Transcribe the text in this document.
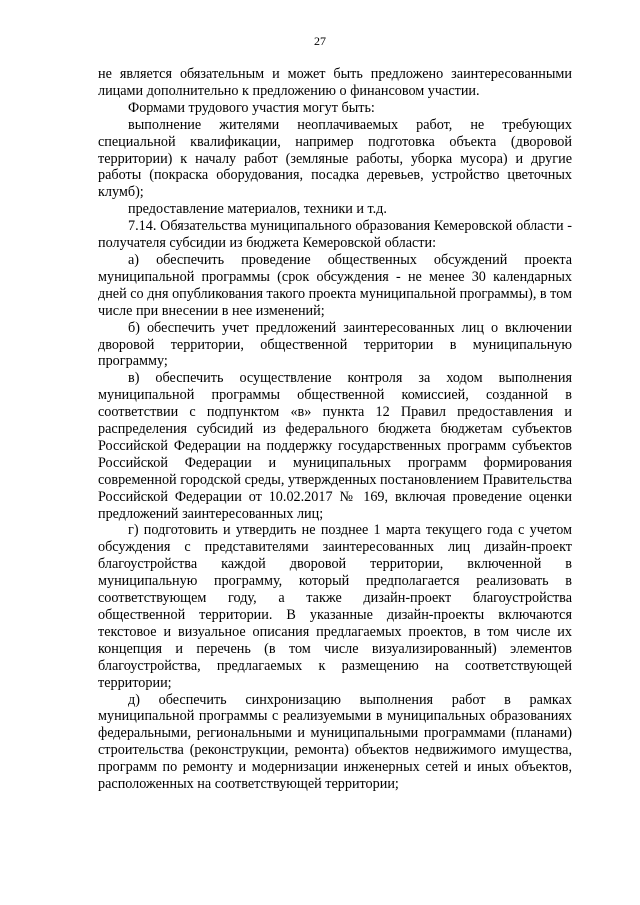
27

не является обязательным и может быть предложено заинтересованными лицами дополнительно к предложению о финансовом участии.

Формами трудового участия могут быть:

выполнение жителями неоплачиваемых работ, не требующих специальной квалификации, например подготовка объекта (дворовой территории) к началу работ (земляные работы, уборка мусора) и другие работы (покраска оборудования, посадка деревьев, устройство цветочных клумб);

предоставление материалов, техники и т.д.

7.14. Обязательства муниципального образования Кемеровской области - получателя субсидии из бюджета Кемеровской области:

а) обеспечить проведение общественных обсуждений проекта муниципальной программы (срок обсуждения - не менее 30 календарных дней со дня опубликования такого проекта муниципальной программы), в том числе при внесении в нее изменений;

б) обеспечить учет предложений заинтересованных лиц о включении дворовой территории, общественной территории в муниципальную программу;

в) обеспечить осуществление контроля за ходом выполнения муниципальной программы общественной комиссией, созданной в соответствии с подпунктом «в» пункта 12 Правил предоставления и распределения субсидий из федерального бюджета бюджетам субъектов Российской Федерации на поддержку государственных программ субъектов Российской Федерации и муниципальных программ формирования современной городской среды, утвержденных постановлением Правительства Российской Федерации от 10.02.2017 № 169, включая проведение оценки предложений заинтересованных лиц;

г) подготовить и утвердить не позднее 1 марта текущего года с учетом обсуждения с представителями заинтересованных лиц дизайн-проект благоустройства каждой дворовой территории, включенной в муниципальную программу, который предполагается реализовать в соответствующем году, а также дизайн-проект благоустройства общественной территории. В указанные дизайн-проекты включаются текстовое и визуальное описания предлагаемых проектов, в том числе их концепция и перечень (в том числе визуализированный) элементов благоустройства, предлагаемых к размещению на соответствующей территории;

д) обеспечить синхронизацию выполнения работ в рамках муниципальной программы с реализуемыми в муниципальных образованиях федеральными, региональными и муниципальными программами (планами) строительства (реконструкции, ремонта) объектов недвижимого имущества, программ по ремонту и модернизации инженерных сетей и иных объектов, расположенных на соответствующей территории;
